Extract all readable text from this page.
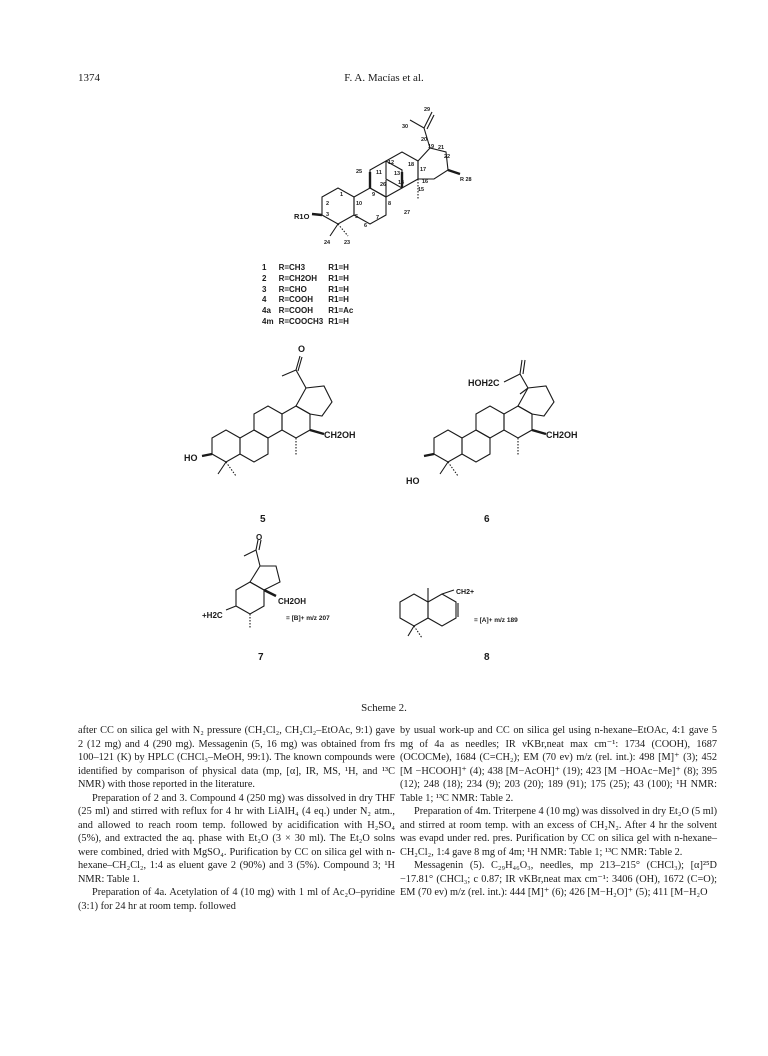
1374	F. A. Macías et al.
29
30
20
19 21
22
12	18
17
R 28
25	11 13
26 14	16
1	9
15
2	10	8
3	5
27
7
6
R1O
24	23
O
CH2OH
HO
5
HOH2C
CH2OH
HO
6
O
+H2C
CH2OH
= [B]+ m/z 207
7
CH2+
= [A]+ m/z 189
8
1	R=CH3	R1=H
2	R=CH2OH	R1=H
3	R=CHO	R1=H
4	R=COOH	R1=H
4a	R=COOH	R1=Ac
4m	R=COOCH3	R1=H
Scheme 2.

after CC on silica gel with N₂ pressure (CH₂Cl₂, CH₂Cl₂–EtOAc, 9:1) gave 2 (12 mg) and 4 (290 mg). Messagenin (5, 16 mg) was obtained from frs 100–121 (K) by HPLC (CHCl₃–MeOH, 99:1). The known compounds were identified by comparison of physical data (mp, [α], IR, MS, ¹H, and ¹³C NMR) with those reported in the literature.

Preparation of 2 and 3. Compound 4 (250 mg) was dissolved in dry THF (25 ml) and stirred with reflux for 4 hr with LiAlH₄ (4 eq.) under N₂ atm., and allowed to reach room temp. followed by acidification with H₂SO₄ (5%), and extracted the aq. phase with Et₂O (3 × 30 ml). The Et₂O solns were combined, dried with MgSO₄. Purification by CC on silica gel with n-hexane–CH₂Cl₂, 1:4 as eluent gave 2 (90%) and 3 (5%). Compound 3; ¹H NMR: Table 1.

Preparation of 4a. Acetylation of 4 (10 mg) with 1 ml of Ac₂O–pyridine (3:1) for 24 hr at room temp. followed

by usual work-up and CC on silica gel using n-hexane–EtOAc, 4:1 gave 5 mg of 4a as needles; IR νKBr,neat max cm⁻¹: 1734 (COOH), 1687 (OCOCMe), 1684 (C=CH₂); EM (70 ev) m/z (rel. int.): 498 [M]⁺ (3); 452 [M −HCOOH]⁺ (4); 438 [M−AcOH]⁺ (19); 423 [M −HOAc−Me]⁺ (8); 395 (12); 248 (18); 234 (9); 203 (20); 189 (91); 175 (25); 43 (100); ¹H NMR: Table 1; ¹³C NMR: Table 2.

Preparation of 4m. Triterpene 4 (10 mg) was dissolved in dry Et₂O (5 ml) and stirred at room temp. with an excess of CH₂N₂. After 4 hr the solvent was evapd under red. pres. Purification by CC on silica gel with n-hexane–CH₂Cl₂, 1:4 gave 8 mg of 4m; ¹H NMR: Table 1; ¹³C NMR: Table 2.

Messagenin (5). C₂₉H₄₆O₃, needles, mp 213–215° (CHCl₃); [α]²⁵D −17.81° (CHCl₃; c 0.87; IR νKBr,neat max cm⁻¹: 3406 (OH), 1672 (C=O); EM (70 ev) m/z (rel. int.): 444 [M]⁺ (6); 426 [M−H₂O]⁺ (5); 411 [M−H₂O
